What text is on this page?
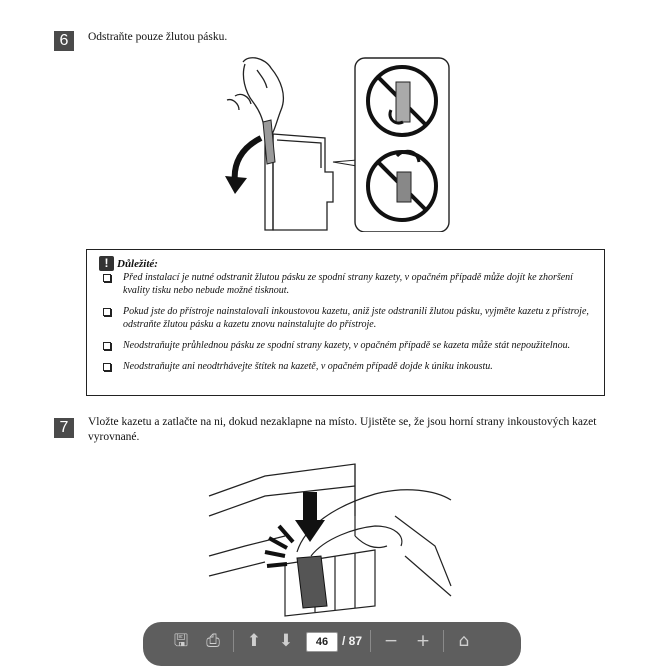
6	Odstraňte pouze žlutou pásku.
! Důležité:
Před instalací je nutné odstranit žlutou pásku ze spodní strany kazety, v opačném případě může dojít ke zhoršení kvality tisku nebo nebude možné tisknout.
Pokud jste do přístroje nainstalovali inkoustovou kazetu, aniž jste odstranili žlutou pásku, vyjměte kazetu z přístroje, odstraňte žlutou pásku a kazetu znovu nainstalujte do přístroje.
Neodstraňujte průhlednou pásku ze spodní strany kazety, v opačném případě se kazeta může stát nepoužitelnou.
Neodstraňujte ani neodtrhávejte štítek na kazetě, v opačném případě dojde k úniku inkoustu.
7	Vložte kazetu a zatlačte na ni, dokud nezaklapne na místo. Ujistěte se, že jsou horní strany inkoustových kazet vyrovnané.
🖫	⎙	⬆ ⬇	46	/ 87 − +	⌂
